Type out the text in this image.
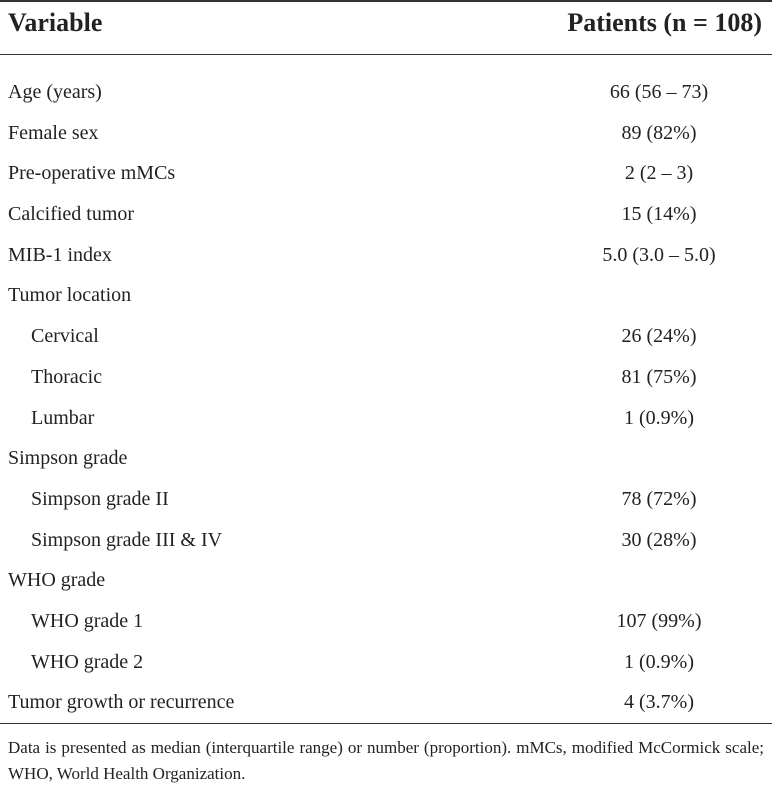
Variable	Patients (n = 108)
Age (years)	66 (56 – 73)
Female sex	89 (82%)
Pre-operative mMCs	2 (2 – 3)
Calcified tumor	15 (14%)
MIB-1 index	5.0 (3.0 – 5.0)
Tumor location
Cervical	26 (24%)
Thoracic	81 (75%)
Lumbar	1 (0.9%)
Simpson grade
Simpson grade II	78 (72%)
Simpson grade III & IV	30 (28%)
WHO grade
WHO grade 1	107 (99%)
WHO grade 2	1 (0.9%)
Tumor growth or recurrence	4 (3.7%)
Data is presented as median (interquartile range) or number (proportion). mMCs, modified McCormick scale; WHO, World Health Organization.
